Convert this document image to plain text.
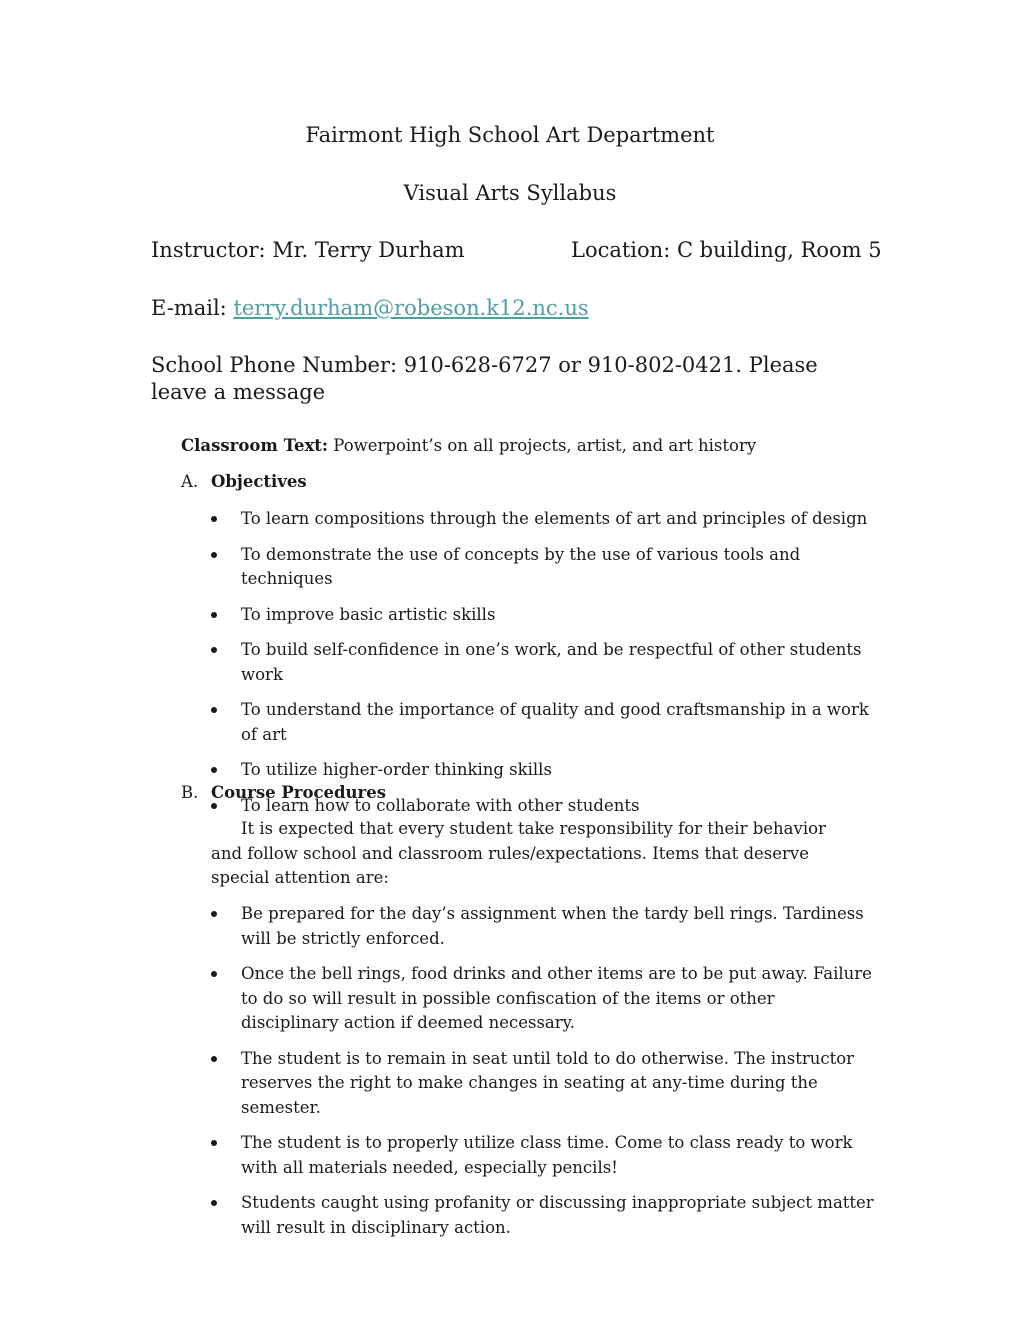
Fairmont High School Art Department
Visual Arts Syllabus
Instructor: Mr. Terry Durham	Location: C building, Room 5
E-mail: terry.durham@robeson.k12.nc.us
School Phone Number: 910-628-6727 or 910-802-0421. Please leave a message
Classroom Text: Powerpoint’s on all projects, artist, and art history
A. Objectives
To learn compositions through the elements of art and principles of design
To demonstrate the use of concepts by the use of various tools and techniques
To improve basic artistic skills
To build self-confidence in one’s work, and be respectful of other students work
To understand the importance of quality and good craftsmanship in a work of art
To utilize higher-order thinking skills
To learn how to collaborate with other students
B. Course Procedures

It is expected that every student take responsibility for their behavior and follow school and classroom rules/expectations. Items that deserve special attention are:

Be prepared for the day’s assignment when the tardy bell rings. Tardiness will be strictly enforced.
Once the bell rings, food drinks and other items are to be put away. Failure to do so will result in possible confiscation of the items or other disciplinary action if deemed necessary.
The student is to remain in seat until told to do otherwise. The instructor reserves the right to make changes in seating at any-time during the semester.
The student is to properly utilize class time. Come to class ready to work with all materials needed, especially pencils!
Students caught using profanity or discussing inappropriate subject matter will result in disciplinary action.
